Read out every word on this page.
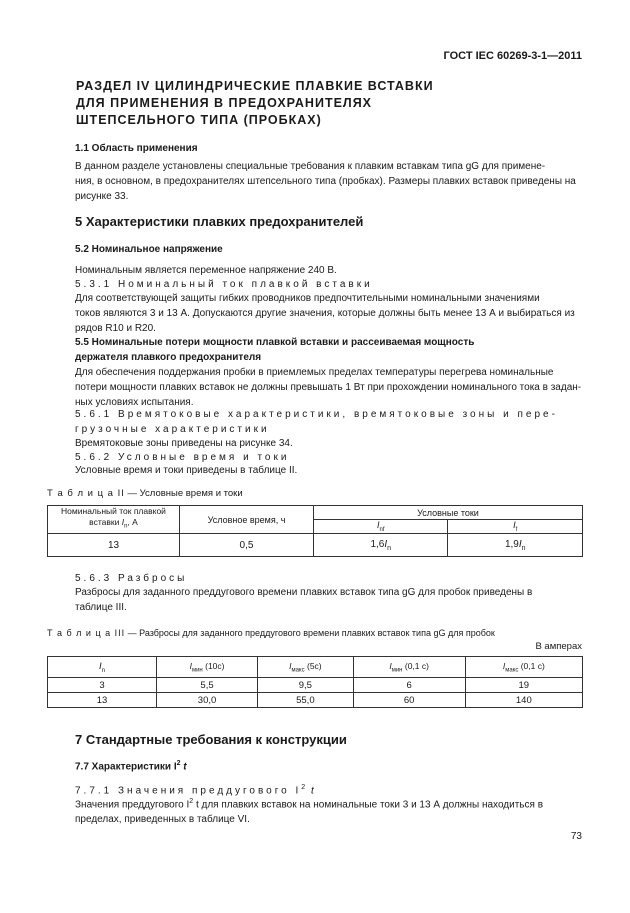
ГОСТ IEC 60269-3-1—2011
РАЗДЕЛ IV ЦИЛИНДРИЧЕСКИЕ ПЛАВКИЕ ВСТАВКИ
ДЛЯ ПРИМЕНЕНИЯ В ПРЕДОХРАНИТЕЛЯХ
ШТЕПСЕЛЬНОГО ТИПА (ПРОБКАХ)
1.1 Область применения
В данном разделе установлены специальные требования к плавким вставкам типа gG для примене-
ния, в основном, в предохранителях штепсельного типа (пробках). Размеры плавких вставок приведены на
рисунке 33.
5 Характеристики плавких предохранителей
5.2 Номинальное напряжение
Номинальным является переменное напряжение 240 В.
5.3.1 Номинальный ток плавкой вставки
Для соответствующей защиты гибких проводников предпочтительными номинальными значениями
токов являются 3 и 13 А. Допускаются другие значения, которые должны быть менее 13 А и выбираться из
рядов R10 и R20.
5.5 Номинальные потери мощности плавкой вставки и рассеиваемая мощность
держателя плавкого предохранителя
Для обеспечения поддержания пробки в приемлемых пределах температуры перегрева номинальные
потери мощности плавких вставок не должны превышать 1 Вт при прохождении номинального тока в задан-
ных условиях испытания.
5.6.1 Времятоковые характеристики, времятоковые зоны и пере-
грузочные характеристики
Времятоковые зоны приведены на рисунке 34.
5.6.2 Условные время и токи
Условные время и токи приведены в таблице II.
Т а б л и ц а II — Условные время и токи
Номинальный ток плавкой вставки $I_n$, А	Условное время, ч	Условные токи	
		$I_{nf}$	$I_f$
13	0,5	$1,6I_n$	$1,9I_n$
5.6.3 Разбросы
Разбросы для заданного преддугового времени плавких вставок типа gG для пробок приведены в
таблице III.
Т а б л и ц а III — Разбросы для заданного преддугового времени плавких вставок типа gG для пробок
В амперах
$I_n$	$I_{мин}$ (10с)	$I_{макс}$ (5с)	$I_{мин}$ (0,1 с)	$I_{макс}$ (0,1 с)
3	5,5	9,5	6	19
13	30,0	55,0	60	140
7 Стандартные требования к конструкции
7.7 Характеристики $I^2$ t
7.7.1 Значения преддугового $I^2$ t
Значения преддугового $I^2$ t для плавких вставок на номинальные токи 3 и 13 А должны находиться в
пределах, приведенных в таблице VI.
73
